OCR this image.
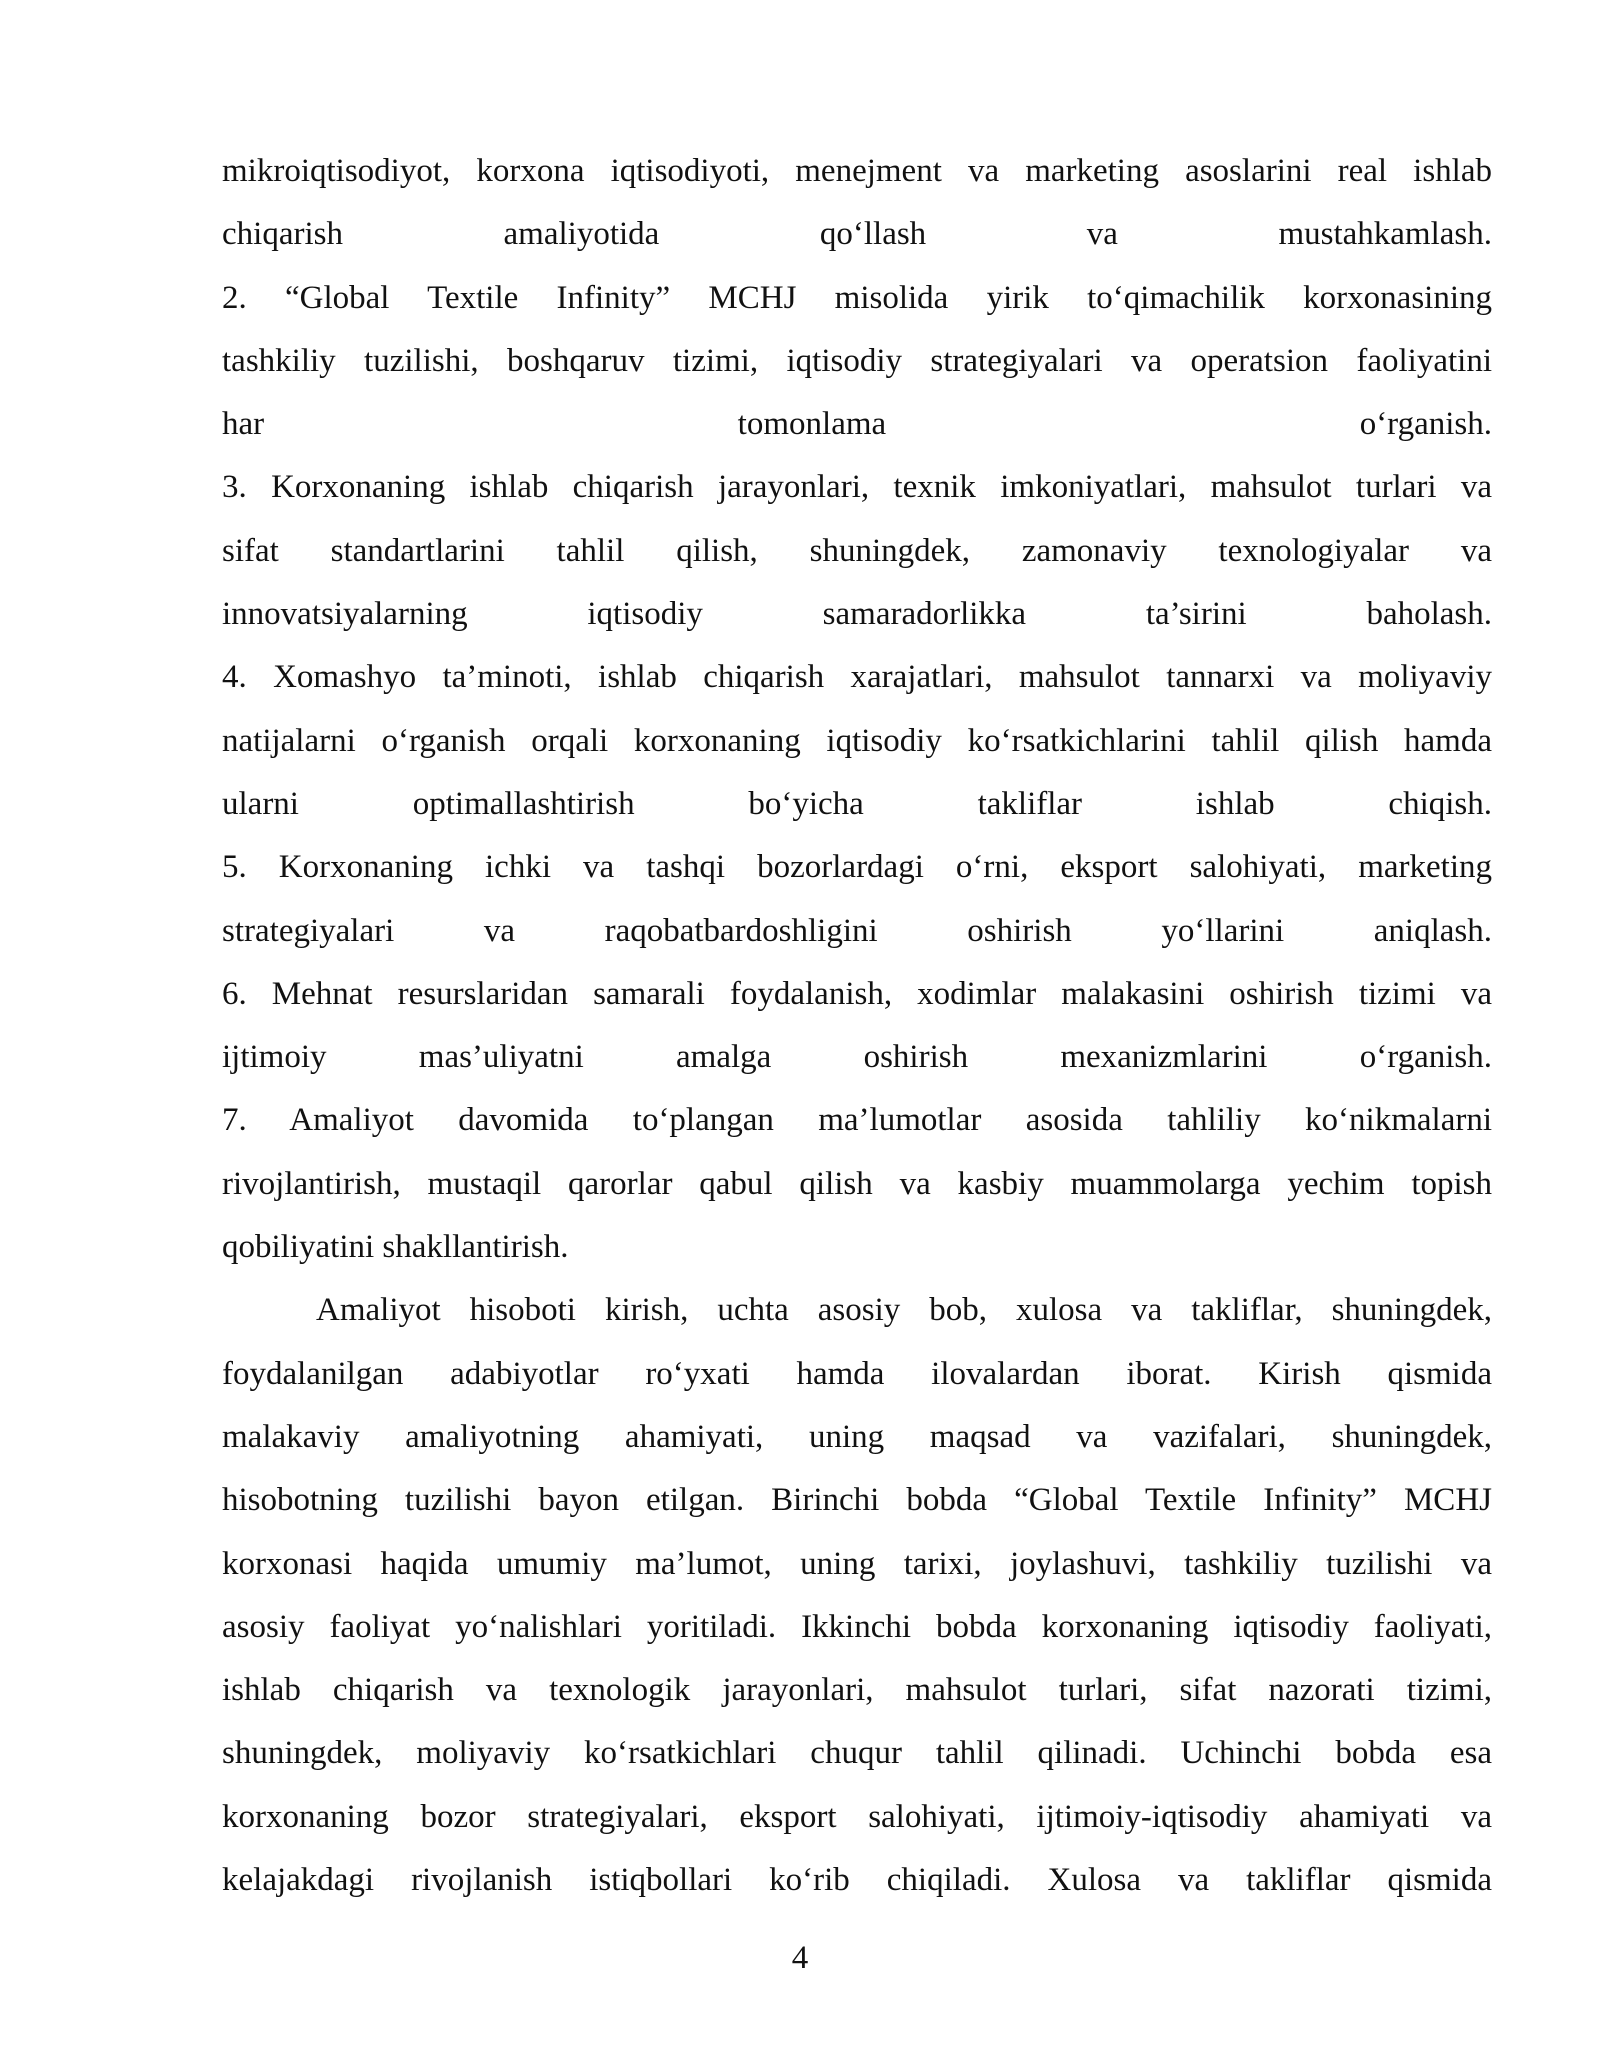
mikroiqtisodiyot, korxona iqtisodiyoti, menejment va marketing asoslarini real ishlab
chiqarish amaliyotida qo‘llash va mustahkamlash.
2. “Global Textile Infinity” MCHJ misolida yirik to‘qimachilik korxonasining
tashkiliy tuzilishi, boshqaruv tizimi, iqtisodiy strategiyalari va operatsion faoliyatini
har tomonlama o‘rganish.
3. Korxonaning ishlab chiqarish jarayonlari, texnik imkoniyatlari, mahsulot turlari va
sifat standartlarini tahlil qilish, shuningdek, zamonaviy texnologiyalar va
innovatsiyalarning iqtisodiy samaradorlikka ta’sirini baholash.
4. Xomashyo ta’minoti, ishlab chiqarish xarajatlari, mahsulot tannarxi va moliyaviy
natijalarni o‘rganish orqali korxonaning iqtisodiy ko‘rsatkichlarini tahlil qilish hamda
ularni optimallashtirish bo‘yicha takliflar ishlab chiqish.
5. Korxonaning ichki va tashqi bozorlardagi o‘rni, eksport salohiyati, marketing
strategiyalari va raqobatbardoshligini oshirish yo‘llarini aniqlash.
6. Mehnat resurslaridan samarali foydalanish, xodimlar malakasini oshirish tizimi va
ijtimoiy mas’uliyatni amalga oshirish mexanizmlarini o‘rganish.
7. Amaliyot davomida to‘plangan ma’lumotlar asosida tahliliy ko‘nikmalarni
rivojlantirish, mustaqil qarorlar qabul qilish va kasbiy muammolarga yechim topish
qobiliyatini shakllantirish.
Amaliyot hisoboti kirish, uchta asosiy bob, xulosa va takliflar, shuningdek,
foydalanilgan adabiyotlar ro‘yxati hamda ilovalardan iborat. Kirish qismida
malakaviy amaliyotning ahamiyati, uning maqsad va vazifalari, shuningdek,
hisobotning tuzilishi bayon etilgan. Birinchi bobda “Global Textile Infinity” MCHJ
korxonasi haqida umumiy ma’lumot, uning tarixi, joylashuvi, tashkiliy tuzilishi va
asosiy faoliyat yo‘nalishlari yoritiladi. Ikkinchi bobda korxonaning iqtisodiy faoliyati,
ishlab chiqarish va texnologik jarayonlari, mahsulot turlari, sifat nazorati tizimi,
shuningdek, moliyaviy ko‘rsatkichlari chuqur tahlil qilinadi. Uchinchi bobda esa
korxonaning bozor strategiyalari, eksport salohiyati, ijtimoiy-iqtisodiy ahamiyati va
kelajakdagi rivojlanish istiqbollari ko‘rib chiqiladi. Xulosa va takliflar qismida
4
